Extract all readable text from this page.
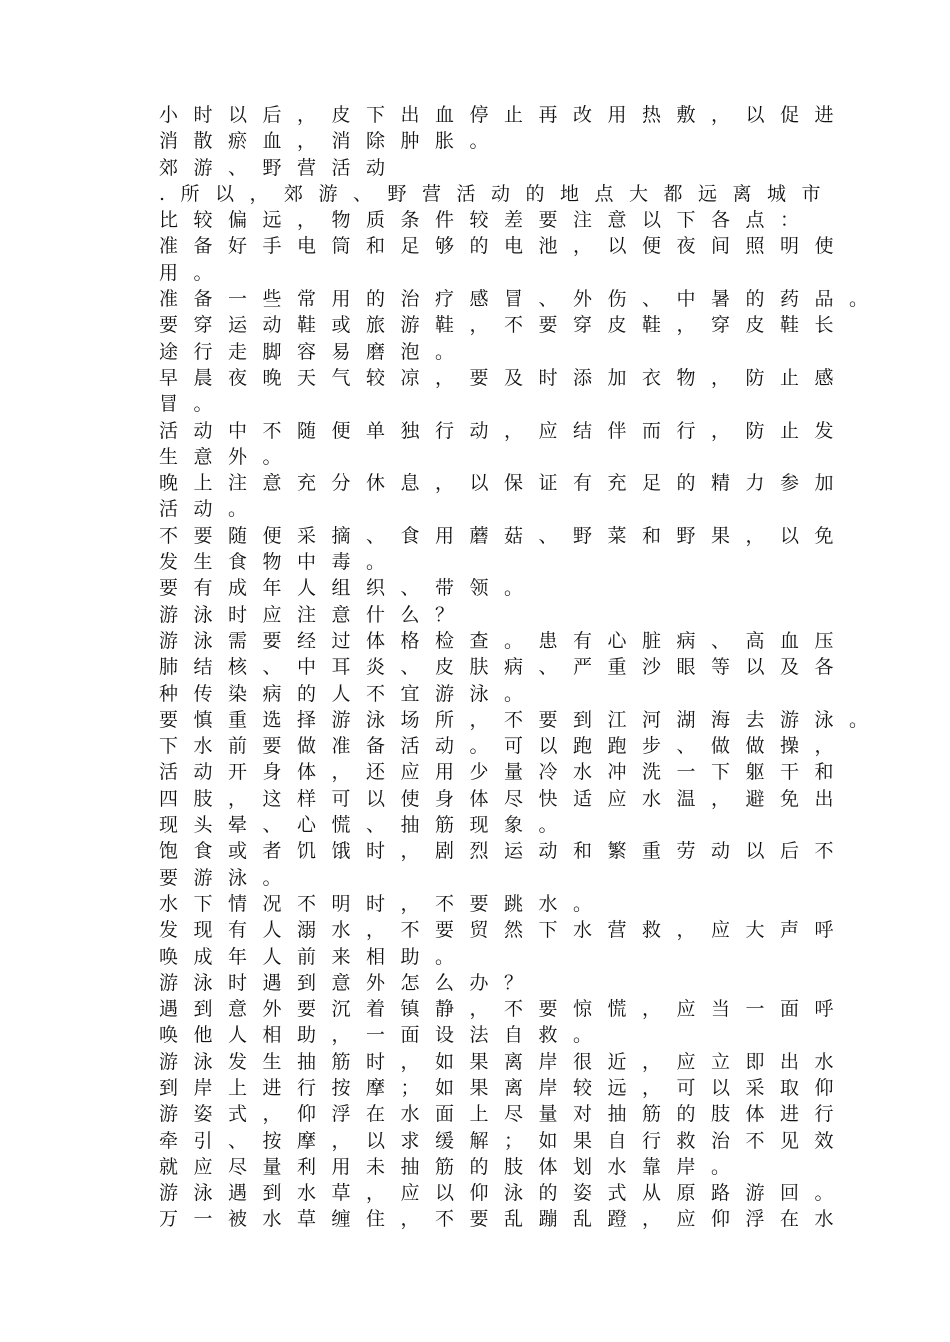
小时以后，皮下出血停止再改用热敷，以促进
消散瘀血，消除肿胀。
郊游、野营活动
.所以，郊游、野营活动的地点大都远离城市
比较偏远，物质条件较差要注意以下各点：
准备好手电筒和足够的电池，以便夜间照明使
用。
准备一些常用的治疗感冒、外伤、中暑的药品。
要穿运动鞋或旅游鞋，不要穿皮鞋，穿皮鞋长
途行走脚容易磨泡。
早晨夜晚天气较凉，要及时添加衣物，防止感
冒。
活动中不随便单独行动，应结伴而行，防止发
生意外。
晚上注意充分休息，以保证有充足的精力参加
活动。
不要随便采摘、食用蘑菇、野菜和野果，以免
发生食物中毒。
要有成年人组织、带领。
游泳时应注意什么？
游泳需要经过体格检查。患有心脏病、高血压
肺结核、中耳炎、皮肤病、严重沙眼等以及各
种传染病的人不宜游泳。
要慎重选择游泳场所，不要到江河湖海去游泳。
下水前要做准备活动。可以跑跑步、做做操，
活动开身体，还应用少量冷水冲洗一下躯干和
四肢，这样可以使身体尽快适应水温，避免出
现头晕、心慌、抽筋现象。
饱食或者饥饿时，剧烈运动和繁重劳动以后不
要游泳。
水下情况不明时，不要跳水。
发现有人溺水，不要贸然下水营救，应大声呼
唤成年人前来相助。
游泳时遇到意外怎么办？
遇到意外要沉着镇静，不要惊慌，应当一面呼
唤他人相助，一面设法自救。
游泳发生抽筋时，如果离岸很近，应立即出水
到岸上进行按摩；如果离岸较远，可以采取仰
游姿式，仰浮在水面上尽量对抽筋的肢体进行
牵引、按摩，以求缓解；如果自行救治不见效
就应尽量利用未抽筋的肢体划水靠岸。
游泳遇到水草，应以仰泳的姿式从原路游回。
万一被水草缠住，不要乱蹦乱蹬，应仰浮在水
